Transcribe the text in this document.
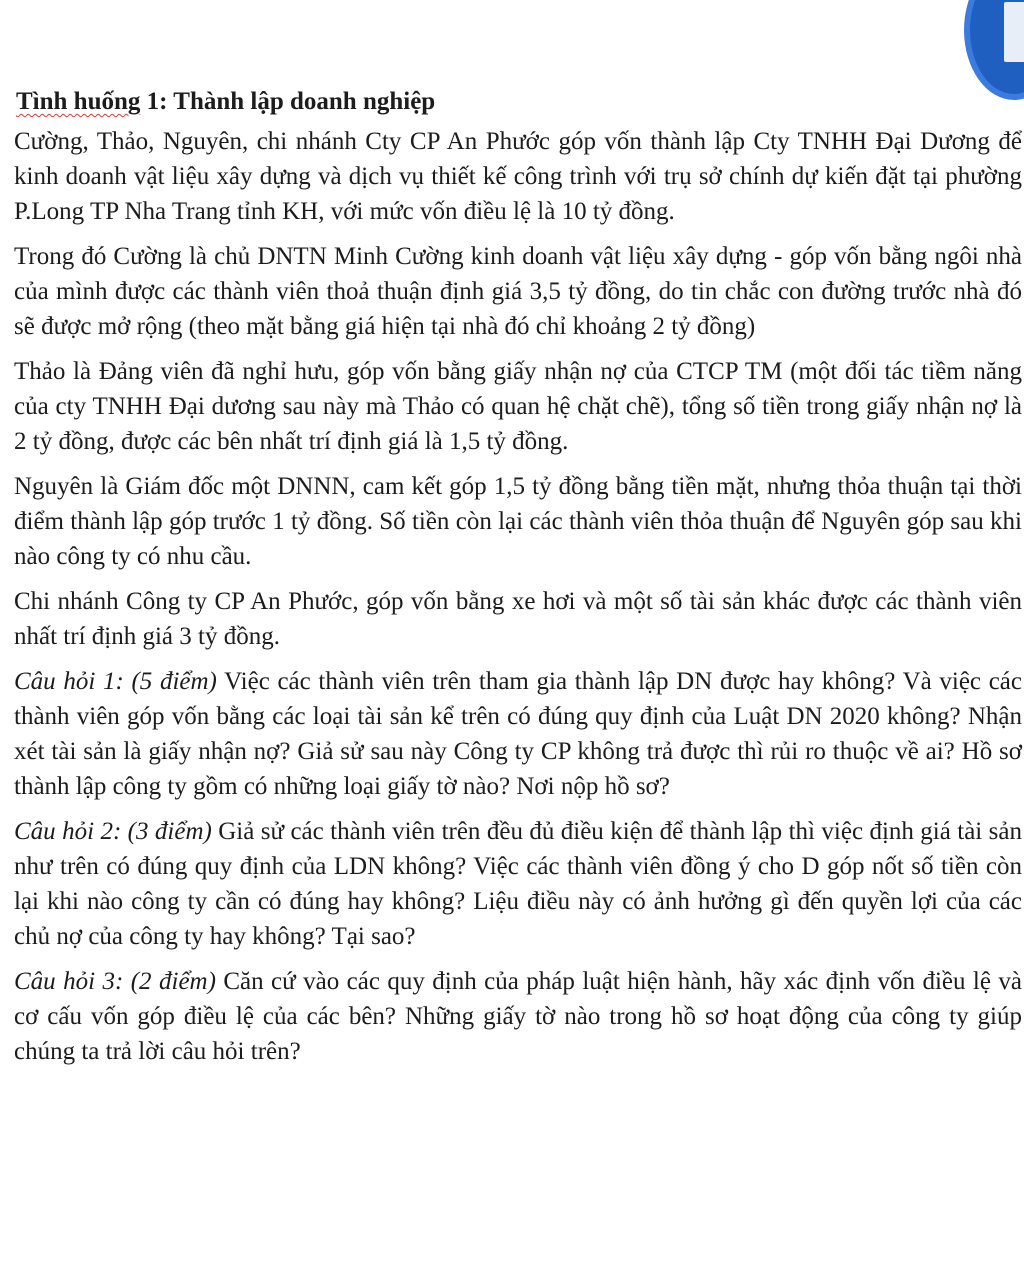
Tình huống 1: Thành lập doanh nghiệp

Cường, Thảo, Nguyên, chi nhánh Cty CP An Phước góp vốn thành lập Cty TNHH Đại Dương để kinh doanh vật liệu xây dựng và dịch vụ thiết kế công trình với trụ sở chính dự kiến đặt tại phường P.Long TP Nha Trang tỉnh KH, với mức vốn điều lệ là 10 tỷ đồng.

Trong đó Cường là chủ DNTN Minh Cường kinh doanh vật liệu xây dựng - góp vốn bằng ngôi nhà của mình được các thành viên thoả thuận định giá 3,5 tỷ đồng, do tin chắc con đường trước nhà đó sẽ được mở rộng (theo mặt bằng giá hiện tại nhà đó chỉ khoảng 2 tỷ đồng)

Thảo là Đảng viên đã nghỉ hưu, góp vốn bằng giấy nhận nợ của CTCP TM (một đối tác tiềm năng của cty TNHH Đại dương sau này mà Thảo có quan hệ chặt chẽ), tổng số tiền trong giấy nhận nợ là 2 tỷ đồng, được các bên nhất trí định giá là 1,5 tỷ đồng.

Nguyên là Giám đốc một DNNN, cam kết góp 1,5 tỷ đồng bằng tiền mặt, nhưng thỏa thuận tại thời điểm thành lập góp trước 1 tỷ đồng. Số tiền còn lại các thành viên thỏa thuận để Nguyên góp sau khi nào công ty có nhu cầu.

Chi nhánh Công ty CP An Phước, góp vốn bằng xe hơi và một số tài sản khác được các thành viên nhất trí định giá 3 tỷ đồng.

Câu hỏi 1: (5 điểm) Việc các thành viên trên tham gia thành lập DN được hay không? Và việc các thành viên góp vốn bằng các loại tài sản kể trên có đúng quy định của Luật DN 2020 không? Nhận xét tài sản là giấy nhận nợ? Giả sử sau này Công ty CP không trả được thì rủi ro thuộc về ai? Hồ sơ thành lập công ty gồm có những loại giấy tờ nào? Nơi nộp hồ sơ?

Câu hỏi 2: (3 điểm) Giả sử các thành viên trên đều đủ điều kiện để thành lập thì việc định giá tài sản như trên có đúng quy định của LDN không? Việc các thành viên đồng ý cho D góp nốt số tiền còn lại khi nào công ty cần có đúng hay không? Liệu điều này có ảnh hưởng gì đến quyền lợi của các chủ nợ của công ty hay không? Tại sao?

Câu hỏi 3: (2 điểm) Căn cứ vào các quy định của pháp luật hiện hành, hãy xác định vốn điều lệ và cơ cấu vốn góp điều lệ của các bên? Những giấy tờ nào trong hồ sơ hoạt động của công ty giúp chúng ta trả lời câu hỏi trên?
